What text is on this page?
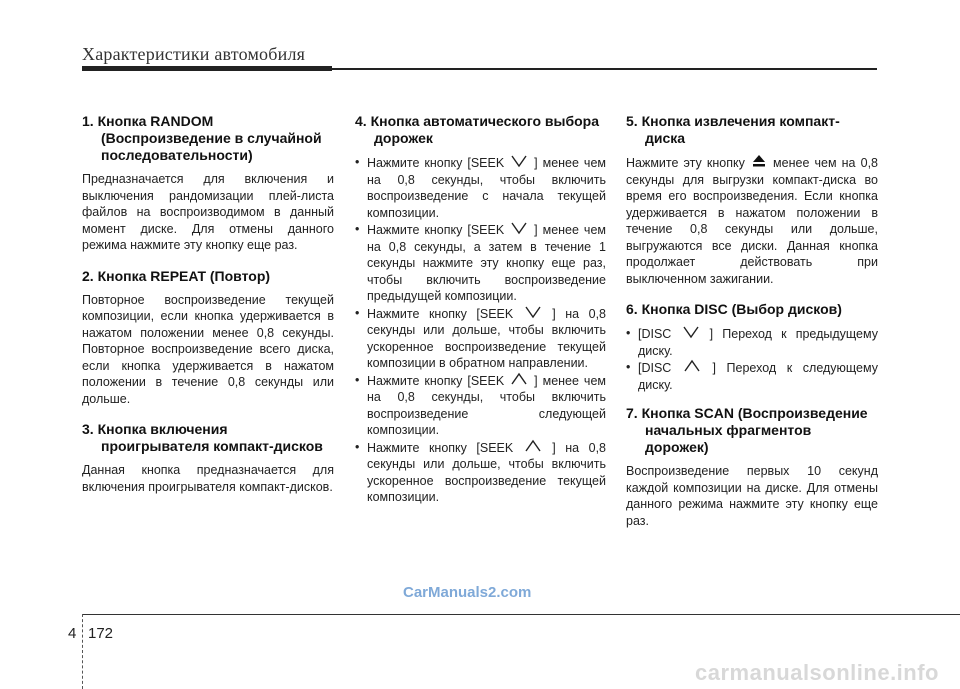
Характеристики автомобиля
1. Кнопка RANDOM (Воспроизведение в случайной последовательности)
Предназначается для включения и выключения рандомизации плей-листа файлов на воспроизводимом в данный момент диске. Для отмены данного режима нажмите эту кнопку еще раз.
2. Кнопка REPEAT (Повтор)
Повторное воспроизведение текущей композиции, если кнопка удерживается в нажатом положении менее 0,8 секунды. Повторное воспроизведение всего диска, если кнопка удерживается в нажатом положении в течение 0,8 секунды или дольше.
3. Кнопка включения проигрывателя компакт-дисков
Данная кнопка предназначается для включения проигрывателя компакт-дисков.
4. Кнопка автоматического выбора дорожек
• Нажмите кнопку [SEEK ] менее чем на 0,8 секунды, чтобы включить воспроизведение с начала текущей композиции.
• Нажмите кнопку [SEEK ] менее чем на 0,8 секунды, а затем в течение 1 секунды нажмите эту кнопку еще раз, чтобы включить воспроизведение предыдущей композиции.
• Нажмите кнопку [SEEK	] на 0,8 секунды или дольше, чтобы включить ускоренное воспроизведение текущей композиции в обратном направлении.
• Нажмите кнопку [SEEK ] менее чем на 0,8 секунды, чтобы включить воспроизведение следующей композиции.
• Нажмите кнопку [SEEK	] на 0,8 секунды или дольше, чтобы включить ускоренное воспроизведение текущей композиции.
5. Кнопка извлечения компакт-диска
Нажмите эту кнопку менее чем на 0,8 секунды для выгрузки компакт-диска во время его воспроизведения. Если кнопка удерживается в нажатом положении в течение 0,8 секунды или дольше, выгружаются все диски. Данная кнопка продолжает действовать при выключенном зажигании.
6. Кнопка DISC (Выбор дисков)
• [DISC	] Переход к предыдущему диску.
• [DISC	] Переход к следующему диску.
7. Кнопка SCAN (Воспроизведение начальных фрагментов дорожек)
Воспроизведение первых 10 секунд каждой композиции на диске. Для отмены данного режима нажмите эту кнопку еще раз.
CarManuals2.com
4 172
carmanualsonline.info
